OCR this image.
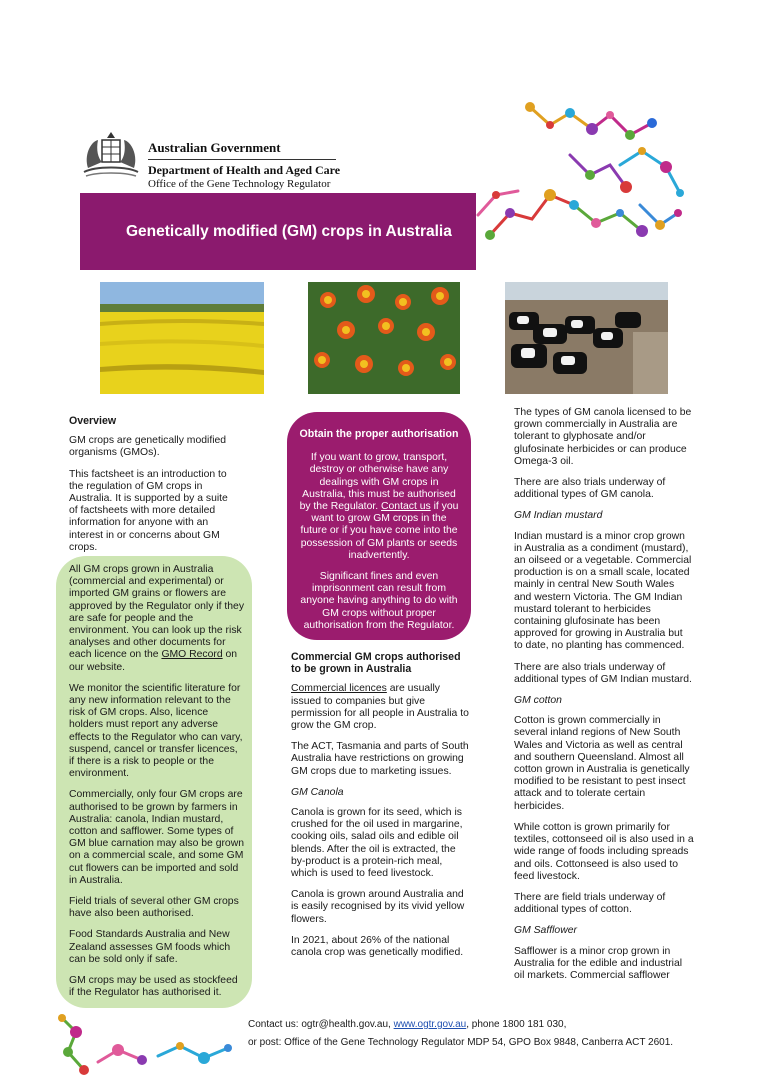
Australian Government
Department of Health and Aged Care
Office of the Gene Technology Regulator
Genetically modified (GM) crops in Australia
Overview

GM crops are genetically modified organisms (GMOs).

This factsheet is an introduction to the regulation of GM crops in Australia. It is supported by a suite of factsheets with more detailed information for anyone with an interest in or concerns about GM crops.

All GM crops grown in Australia (commercial and experimental) or imported GM grains or flowers are approved by the Regulator only if they are safe for people and the environment. You can look up the risk analyses and other documents for each licence on the GMO Record on our website.

We monitor the scientific literature for any new information relevant to the risk of GM crops. Also, licence holders must report any adverse effects to the Regulator who can vary, suspend, cancel or transfer licences, if there is a risk to people or the environment.

Commercially, only four GM crops are authorised to be grown by farmers in Australia: canola, Indian mustard, cotton and safflower. Some types of GM blue carnation may also be grown on a commercial scale, and some GM cut flowers can be imported and sold in Australia.

Field trials of several other GM crops have also been authorised.

Food Standards Australia and New Zealand assesses GM foods which can be sold only if safe.

GM crops may be used as stockfeed if the Regulator has authorised it.

Obtain the proper authorisation

If you want to grow, transport, destroy or otherwise have any dealings with GM crops in Australia, this must be authorised by the Regulator. Contact us if you want to grow GM crops in the future or if you have come into the possession of GM plants or seeds inadvertently.

Significant fines and even imprisonment can result from anyone having anything to do with GM crops without proper authorisation from the Regulator.

Commercial GM crops authorised to be grown in Australia

Commercial licences are usually issued to companies but give permission for all people in Australia to grow the GM crop.

The ACT, Tasmania and parts of South Australia have restrictions on growing GM crops due to marketing issues.

GM Canola

Canola is grown for its seed, which is crushed for the oil used in margarine, cooking oils, salad oils and edible oil blends. After the oil is extracted, the by-product is a protein-rich meal, which is used to feed livestock.

Canola is grown around Australia and is easily recognised by its vivid yellow flowers.

In 2021, about 26% of the national canola crop was genetically modified.

The types of GM canola licensed to be grown commercially in Australia are tolerant to glyphosate and/or glufosinate herbicides or can produce Omega-3 oil.

There are also trials underway of additional types of GM canola.

GM Indian mustard

Indian mustard is a minor crop grown in Australia as a condiment (mustard), an oilseed or a vegetable. Commercial production is on a small scale, located mainly in central New South Wales and western Victoria. The GM Indian mustard tolerant to herbicides containing glufosinate has been approved for growing in Australia but to date, no planting has commenced.

There are also trials underway of additional types of GM Indian mustard.

GM cotton

Cotton is grown commercially in several inland regions of New South Wales and Victoria as well as central and southern Queensland. Almost all cotton grown in Australia is genetically modified to be resistant to pest insect attack and to tolerate certain herbicides.

While cotton is grown primarily for textiles, cottonseed oil is also used in a wide range of foods including spreads and oils. Cottonseed is also used to feed livestock.

There are field trials underway of additional types of cotton.

GM Safflower

Safflower is a minor crop grown in Australia for the edible and industrial oil markets. Commercial safflower

Contact us: ogtr@health.gov.au, www.ogtr.gov.au, phone 1800 181 030,
or post: Office of the Gene Technology Regulator MDP 54, GPO Box 9848, Canberra ACT 2601.
